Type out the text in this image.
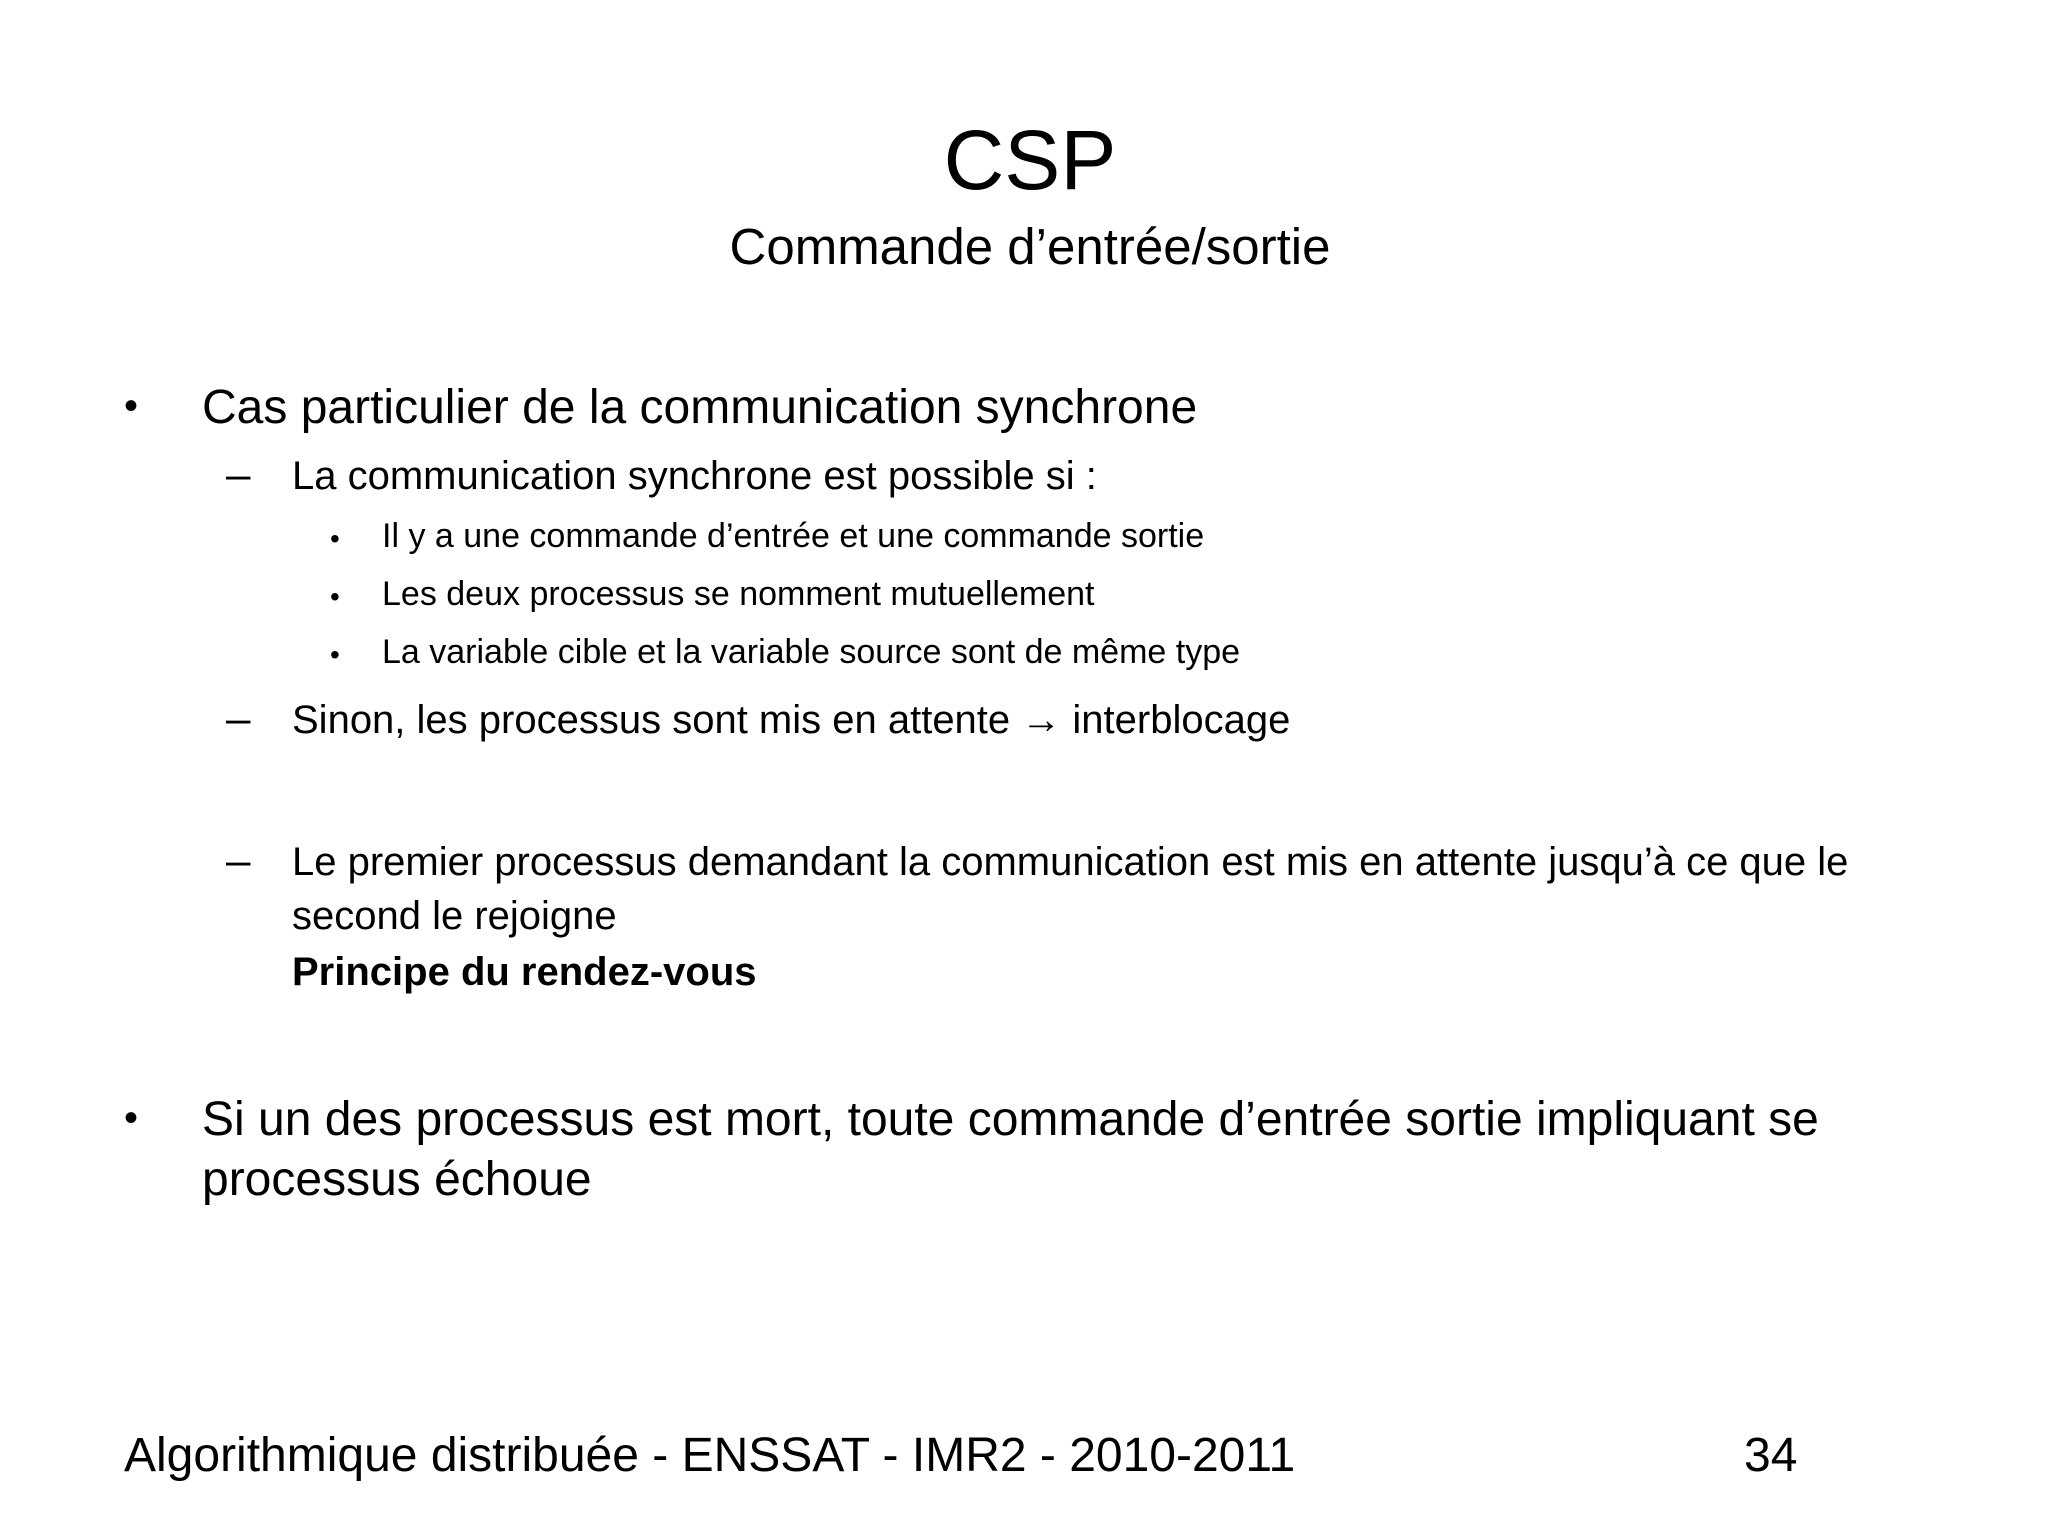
CSP
Commande d’entrée/sortie
• Cas particulier de la communication synchrone
– La communication synchrone est possible si :
• Il y a une commande d’entrée et une commande sortie
• Les deux processus se nomment mutuellement
• La variable cible et la variable source sont de même type
– Sinon, les processus sont mis en attente → interblocage
– Le premier processus demandant la communication est mis en attente jusqu’à ce que le second le rejoigne
Principe du rendez-vous
• Si un des processus est mort, toute commande d’entrée sortie impliquant se processus échoue
Algorithmique distribuée - ENSSAT - IMR2 - 2010-2011	34
